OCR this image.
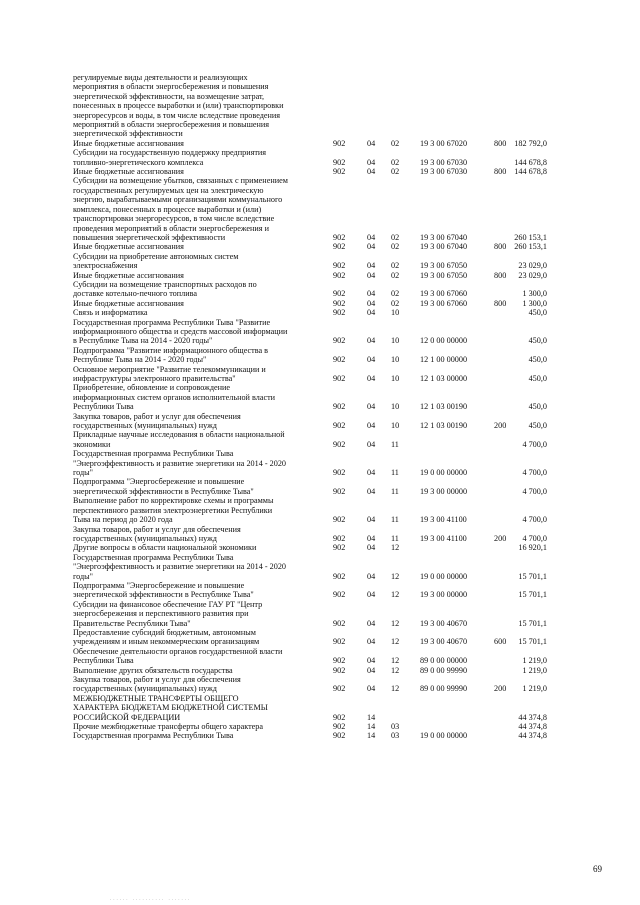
регулируемые виды деятельности и реализующих
мероприятия в области энергосбережения и повышения
энергетической эффективности, на возмещение затрат,
понесенных в процессе выработки и (или) транспортировки
энергоресурсов и воды, в том числе вследствие проведения
мероприятий в области энергосбережения и повышения
энергетической эффективности
Иные бюджетные ассигнования	902	04 02	19 3 00 67020	800 182 792,0
Субсидии на государственную поддержку предприятия
топливно-энергетического комплекса	902	04 02	19 3 00 67030	144 678,8
Иные бюджетные ассигнования	902	04 02	19 3 00 67030	800 144 678,8
Субсидии на возмещение убытков, связанных с применением
государственных регулируемых цен на электрическую
энергию, вырабатываемыми организациями коммунального
комплекса, понесенных в процессе выработки и (или)
транспортировки энергоресурсов, в том числе вследствие
проведения мероприятий в области энергосбережения и
повышения энергетической эффективности	902	04 02	19 3 00 67040	260 153,1
Иные бюджетные ассигнования	902	04 02	19 3 00 67040	800 260 153,1
Субсидии на приобретение автономных систем
электроснабжения	902	04 02	19 3 00 67050	23 029,0
Иные бюджетные ассигнования	902	04 02	19 3 00 67050	800 23 029,0
Субсидии на возмещение транспортных расходов по
доставке котельно-печного топлива	902	04 02	19 3 00 67060	1 300,0
Иные бюджетные ассигнования	902	04 02	19 3 00 67060	800 1 300,0
Связь и информатика	902	04 10	450,0
Государственная программа Республики Тыва "Развитие
информационного общества и средств массовой информации
в Республике Тыва на 2014 - 2020 годы"	902	04 10	12 0 00 00000	450,0
Подпрограмма "Развитие информационного общества в
Республике Тыва на 2014 - 2020 годы"	902	04 10	12 1 00 00000	450,0
Основное мероприятие "Развитие телекоммуникации и
инфраструктуры электронного правительства"	902	04 10	12 1 03 00000	450,0
Приобретение, обновление и сопровождение
информационных систем органов исполнительной власти
Республики Тыва	902	04 10	12 1 03 00190	450,0
Закупка товаров, работ и услуг для обеспечения
государственных (муниципальных) нужд	902	04 10	12 1 03 00190	200	450,0
Прикладные научные исследования в области национальной
экономики	902	04 11	4 700,0
Государственная программа Республики Тыва
"Энергоэффективность и развитие энергетики на 2014 - 2020
годы"	902	04 11	19 0 00 00000	4 700,0
Подпрограмма "Энергосбережение и повышение
энергетической эффективности в Республике Тыва"	902	04 11	19 3 00 00000	4 700,0
Выполнение работ по корректировке схемы и программы
перспективного развития электроэнергетики Республики
Тыва на период до 2020 года	902	04 11	19 3 00 41100	4 700,0
Закупка товаров, работ и услуг для обеспечения
государственных (муниципальных) нужд	902	04 11	19 3 00 41100	200 4 700,0
Другие вопросы в области национальной экономики	902	04 12	16 920,1
Государственная программа Республики Тыва
"Энергоэффективность и развитие энергетики на 2014 - 2020
годы"	902	04 12	19 0 00 00000	15 701,1
Подпрограмма "Энергосбережение и повышение
энергетической эффективности в Республике Тыва"	902	04 12	19 3 00 00000	15 701,1
Субсидии на финансовое обеспечение ГАУ РТ "Центр
энергосбережения и перспективного развития при
Правительстве Республики Тыва"	902	04 12	19 3 00 40670	15 701,1
Предоставление субсидий бюджетным, автономным
учреждениям и иным некоммерческим организациям	902	04 12	19 3 00 40670	600 15 701,1
Обеспечение деятельности органов государственной власти
Республики Тыва	902	04 12	89 0 00 00000	1 219,0
Выполнение других обязательств государства	902	04 12	89 0 00 99990	1 219,0
Закупка товаров, работ и услуг для обеспечения
государственных (муниципальных) нужд	902	04 12	89 0 00 99990	200 1 219,0
МЕЖБЮДЖЕТНЫЕ ТРАНСФЕРТЫ ОБЩЕГО
ХАРАКТЕРА БЮДЖЕТАМ БЮДЖЕТНОЙ СИСТЕМЫ
РОССИЙСКОЙ ФЕДЕРАЦИИ	902	14	44 374,8
Прочие межбюджетные трансферты общего характера	902	14 03	44 374,8
Государственная программа Республики Тыва	902	14 03	19 0 00 00000	44 374,8
69
...... .......... .......
